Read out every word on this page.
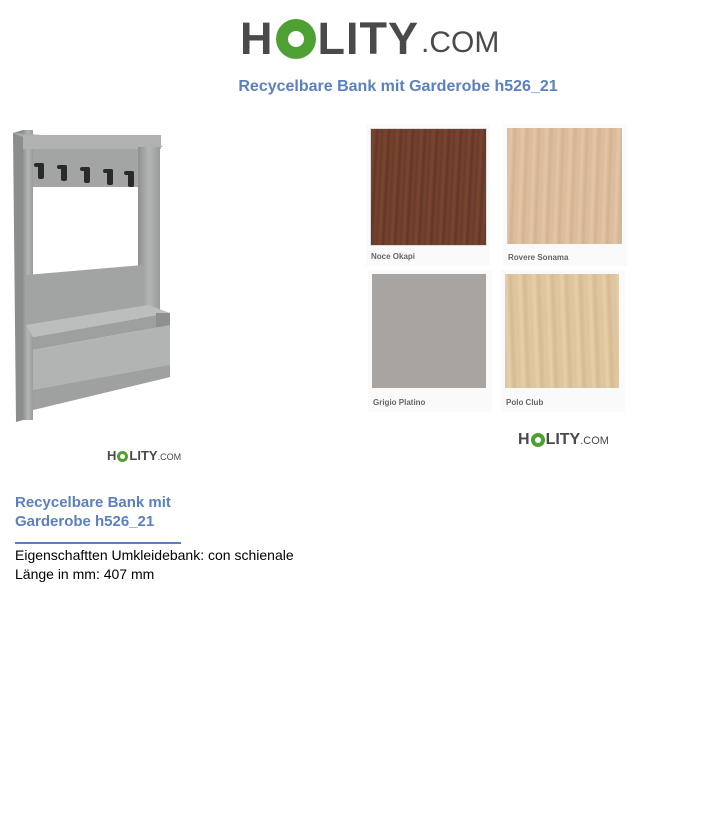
H LITY .COM
Recycelbare Bank mit Garderobe h526_21
H LITY .COM
Noce Okapi	Rovere Sonama
Grigio Platino	Polo Club
H LITY .COM
Recycelbare Bank mit Garderobe h526_21

Eigenschaftten Umkleidebank: con schienale

Länge in mm: 407 mm
